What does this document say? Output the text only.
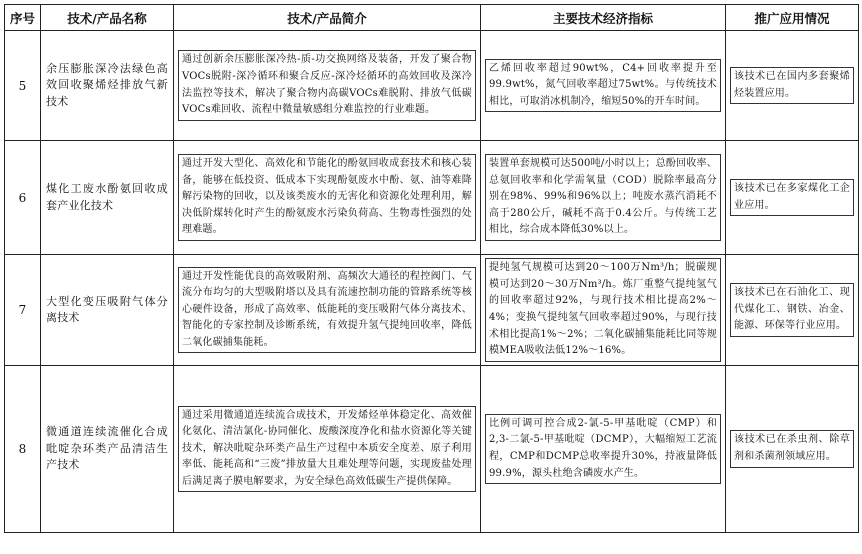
序号	技术/产品名称	技术/产品简介	主要技术经济指标	推广应用情况
5	余压膨胀深冷法绿色高效回收聚烯烃排放气新技术	通过创新余压膨胀深冷热-质-功交换网络及装备，开发了聚合物VOCs脱附-深冷循环和聚合反应-深冷烃循环的高效回收及深冷法监控等技术，解决了聚合物内高碳VOCs难脱附、排放气低碳VOCs难回收、流程中微量敏感组分难监控的行业难题。	乙烯回收率超过90wt%，C4+回收率提升至99.9wt%，氮气回收率超过75wt%。与传统技术相比，可取消冰机制冷，缩短50%的开车时间。	该技术已在国内多套聚烯烃装置应用。

6	煤化工废水酚氨回收成套产业化技术	通过开发大型化、高效化和节能化的酚氨回收成套技术和核心装备，能够在低投资、低成本下实现酚氨废水中酚、氨、油等难降解污染物的回收，以及该类废水的无害化和资源化处理利用，解决低阶煤转化时产生的酚氨废水污染负荷高、生物毒性强烈的处理难题。	装置单套规模可达500吨/小时以上；总酚回收率、总氨回收率和化学需氧量（COD）脱除率最高分别在98%、99%和96%以上；吨废水蒸汽消耗不高于280公斤，碱耗不高于0.4公斤。与传统工艺相比，综合成本降低30%以上。	该技术已在多家煤化工企业应用。

7	大型化变压吸附气体分离技术	通过开发性能优良的高效吸附剂、高频次大通径的程控阀门、气流分布均匀的大型吸附塔以及具有流速控制功能的管路系统等核心硬件设备，形成了高效率、低能耗的变压吸附气体分离技术、智能化的专家控制及诊断系统，有效提升氢气提纯回收率，降低二氧化碳捕集能耗。	提纯氢气规模可达到20～100万Nm³/h；脱碳规模可达到20～30万Nm³/h。炼厂重整气提纯氢气的回收率超过92%，与现行技术相比提高2%～4%；变换气提纯氢气回收率超过90%，与现行技术相比提高1%～2%；二氧化碳捕集能耗比同等规模MEA吸收法低12%～16%。	该技术已在石油化工、现代煤化工、钢铁、冶金、能源、环保等行业应用。

8	微通道连续流催化合成吡啶杂环类产品清洁生产技术	通过采用微通道连续流合成技术，开发烯烃单体稳定化、高效催化氨化、清洁氯化-协同催化、废酸深度净化和盐水资源化等关键技术，解决吡啶杂环类产品生产过程中本质安全度差、原子利用率低、能耗高和“三废”排放量大且难处理等问题，实现废盐处理后满足离子膜电解要求，为安全绿色高效低碳生产提供保障。	比例可调可控合成2-氯-5-甲基吡啶（CMP）和2,3-二氯-5-甲基吡啶（DCMP），大幅缩短工艺流程，CMP和DCMP总收率提升30%，持液量降低99.9%，源头杜绝含磷废水产生。	该技术已在杀虫剂、除草剂和杀菌剂领域应用。
